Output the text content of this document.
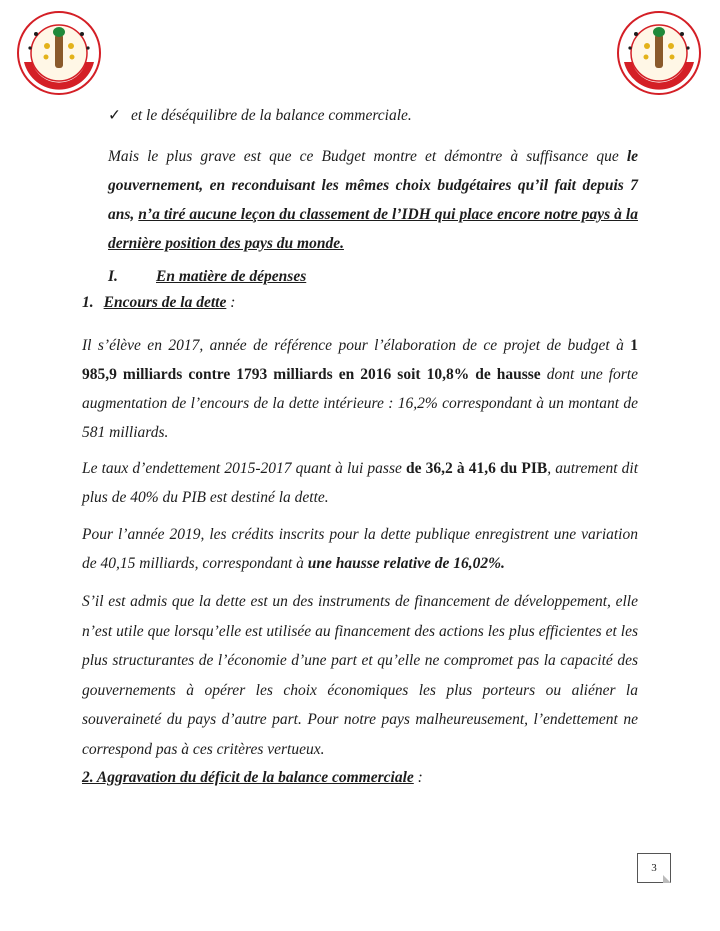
✓ et le déséquilibre de la balance commerciale.

Mais le plus grave est que ce Budget montre et démontre à suffisance que le gouvernement, en reconduisant les mêmes choix budgétaires qu’il fait depuis 7 ans, n’a tiré aucune leçon du classement de l’IDH qui place encore notre pays à la dernière position des pays du monde.

I. En matière de dépenses
1. Encours de la dette :

Il s’élève en 2017, année de référence pour l’élaboration de ce projet de budget à 1 985,9 milliards contre 1793 milliards en 2016 soit 10,8% de hausse dont une forte augmentation de l’encours de la dette intérieure : 16,2% correspondant à un montant de 581 milliards.

Le taux d’endettement 2015-2017 quant à lui passe de 36,2 à 41,6 du PIB, autrement dit plus de 40% du PIB est destiné la dette.

Pour l’année 2019, les crédits inscrits pour la dette publique enregistrent une variation de 40,15 milliards, correspondant à une hausse relative de 16,02%.

S’il est admis que la dette est un des instruments de financement de développement, elle n’est utile que lorsqu’elle est utilisée au financement des actions les plus efficientes et les plus structurantes de l’économie d’une part et qu’elle ne compromet pas la capacité des gouvernements à opérer les choix économiques les plus porteurs ou aliéner la souveraineté du pays d’autre part. Pour notre pays malheureusement, l’endettement ne correspond pas à ces critères vertueux.

2. Aggravation du déficit de la balance commerciale :
3
